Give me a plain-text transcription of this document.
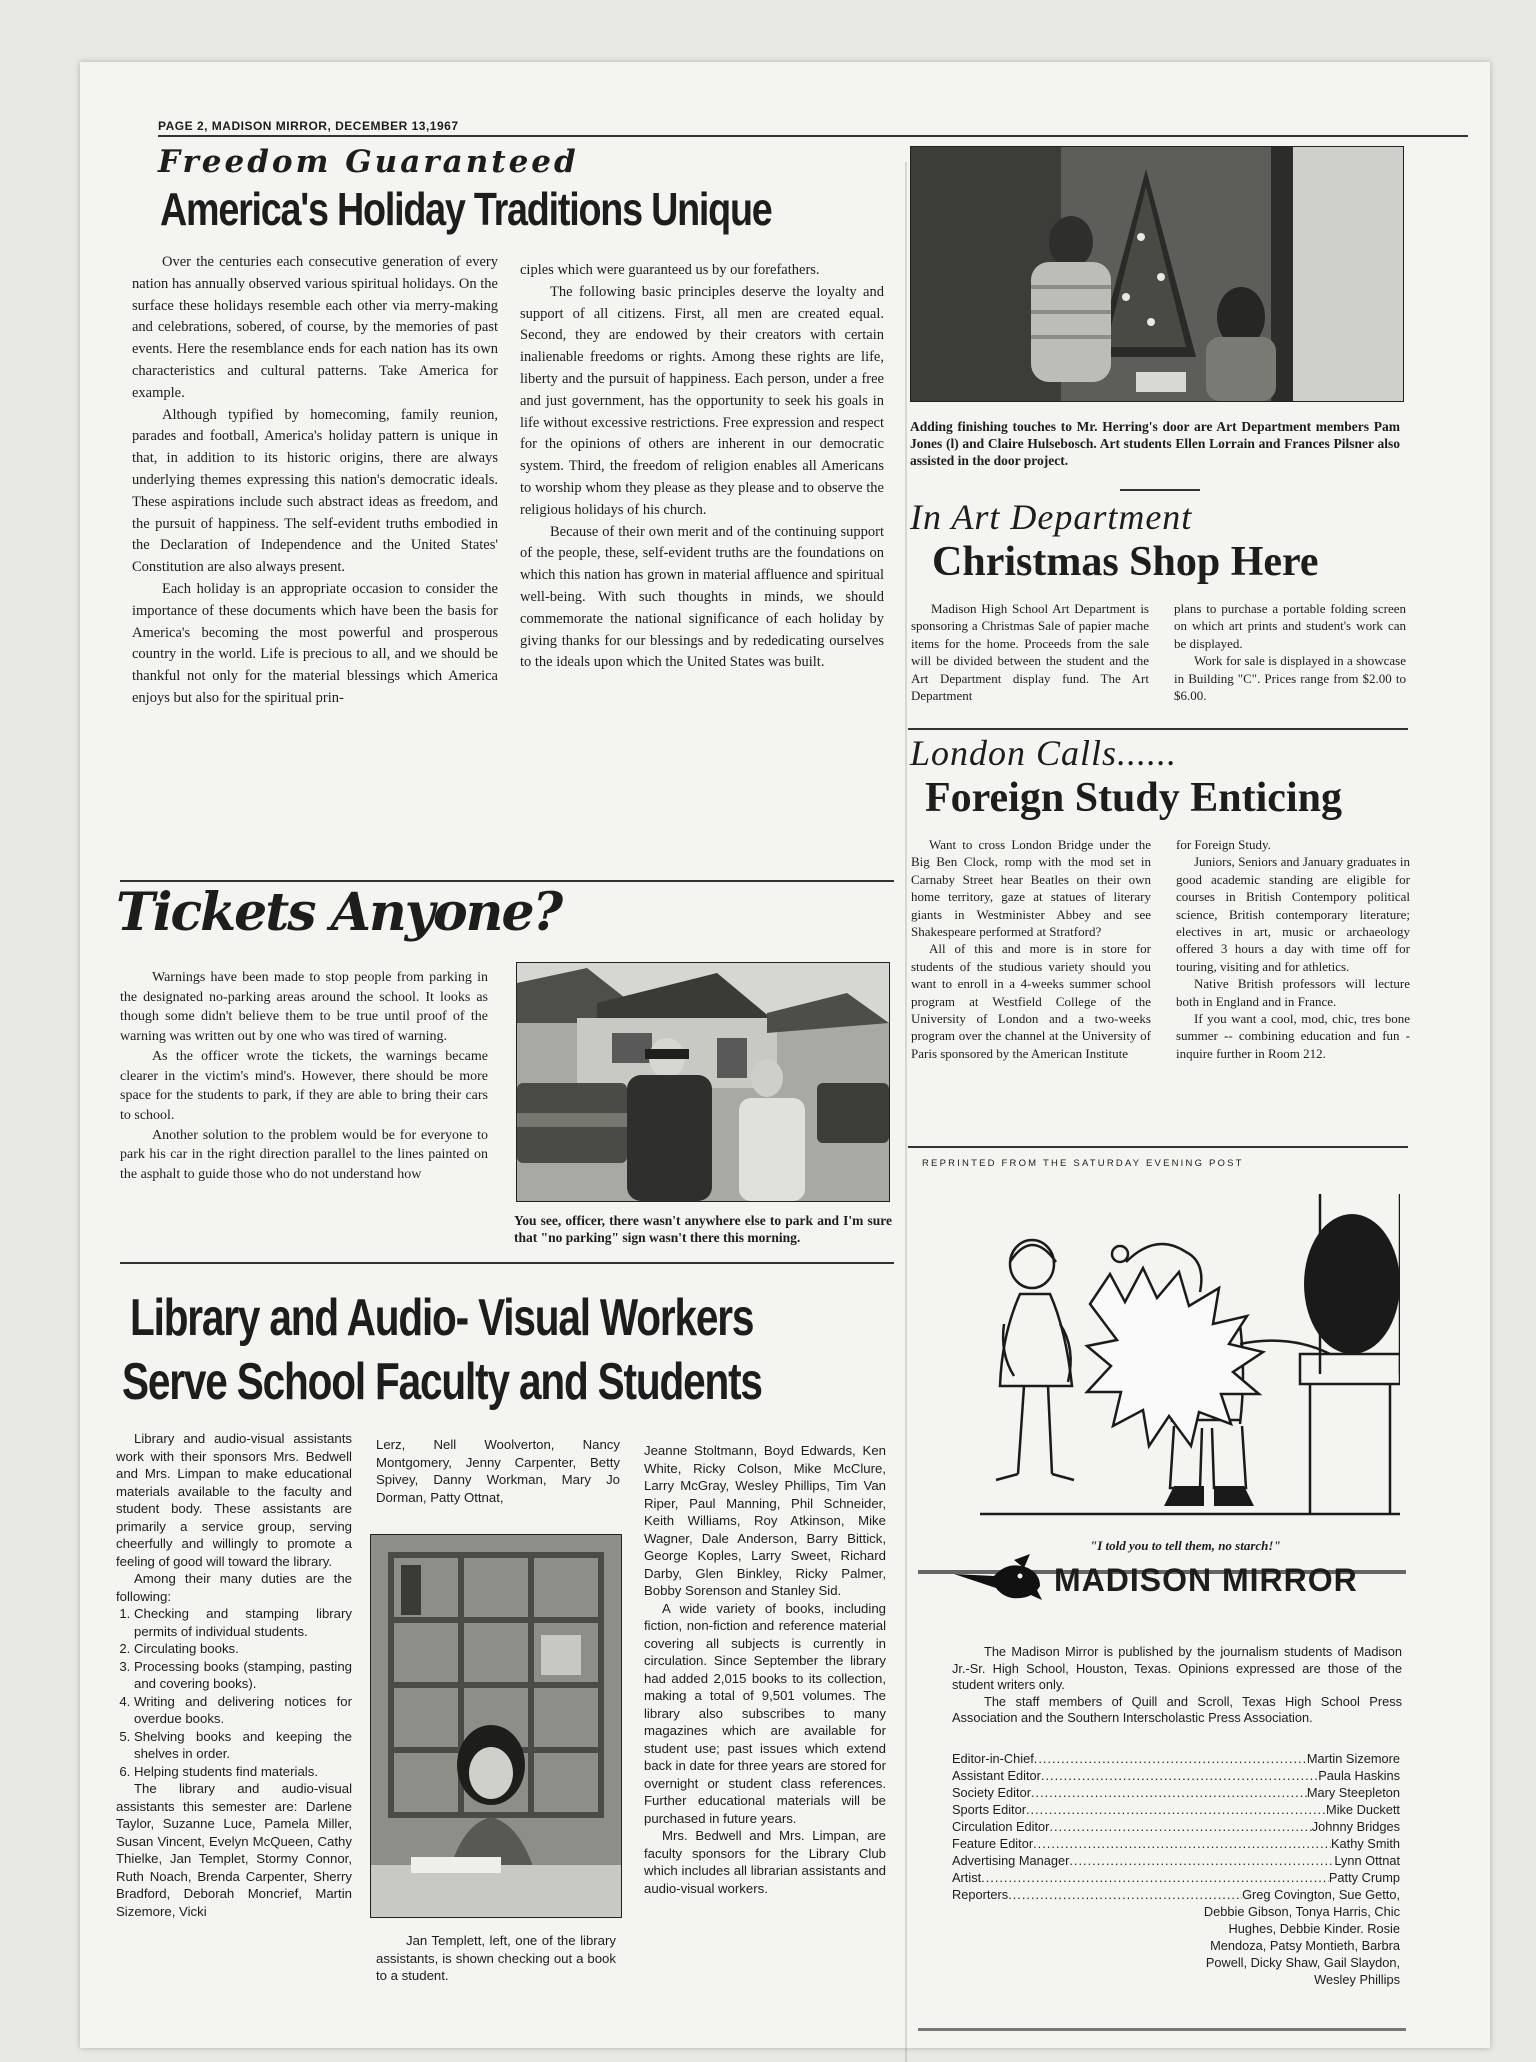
PAGE 2, MADISON MIRROR, DECEMBER 13,1967
Freedom Guaranteed
America's Holiday Traditions Unique

Over the centuries each consecutive generation of every nation has annually observed various spiritual holidays. On the surface these holidays resemble each other via merry-making and celebrations, sobered, of course, by the memories of past events. Here the resemblance ends for each nation has its own characteristics and cultural patterns. Take America for example.

Although typified by homecoming, family reunion, parades and football, America's holiday pattern is unique in that, in addition to its historic origins, there are always underlying themes expressing this nation's democratic ideals. These aspirations include such abstract ideas as freedom, and the pursuit of happiness. The self-evident truths embodied in the Declaration of Independence and the United States' Constitution are also always present.

Each holiday is an appropriate occasion to consider the importance of these documents which have been the basis for America's becoming the most powerful and prosperous country in the world. Life is precious to all, and we should be thankful not only for the material blessings which America enjoys but also for the spiritual prin-

ciples which were guaranteed us by our forefathers.

The following basic principles deserve the loyalty and support of all citizens. First, all men are created equal. Second, they are endowed by their creators with certain inalienable freedoms or rights. Among these rights are life, liberty and the pursuit of happiness. Each person, under a free and just government, has the opportunity to seek his goals in life without excessive restrictions. Free expression and respect for the opinions of others are inherent in our democratic system. Third, the freedom of religion enables all Americans to worship whom they please as they please and to observe the religious holidays of his church.

Because of their own merit and of the continuing support of the people, these, self-evident truths are the foundations on which this nation has grown in material affluence and spiritual well-being. With such thoughts in minds, we should commemorate the national significance of each holiday by giving thanks for our blessings and by rededicating ourselves to the ideals upon which the United States was built.

Adding finishing touches to Mr. Herring's door are Art Department members Pam Jones (l) and Claire Hulsebosch. Art students Ellen Lorrain and Frances Pilsner also assisted in the door project.
In Art Department
Christmas Shop Here

Madison High School Art Department is sponsoring a Christmas Sale of papier mache items for the home. Proceeds from the sale will be divided between the student and the Art Department display fund. The Art Department

plans to purchase a portable folding screen on which art prints and student's work can be displayed.

Work for sale is displayed in a showcase in Building "C". Prices range from $2.00 to $6.00.

London Calls......
Foreign Study Enticing

Want to cross London Bridge under the Big Ben Clock, romp with the mod set in Carnaby Street hear Beatles on their own home territory, gaze at statues of literary giants in Westminister Abbey and see Shakespeare performed at Stratford?

All of this and more is in store for students of the studious variety should you want to enroll in a 4-weeks summer school program at Westfield College of the University of London and a two-weeks program over the channel at the University of Paris sponsored by the American Institute

for Foreign Study.

Juniors, Seniors and January graduates in good academic standing are eligible for courses in British Contempory political science, British contemporary literature; electives in art, music or archaeology offered 3 hours a day with time off for touring, visiting and for athletics.

Native British professors will lecture both in England and in France.

If you want a cool, mod, chic, tres bone summer -- combining education and fun - inquire further in Room 212.

Tickets Anyone?

Warnings have been made to stop people from parking in the designated no-parking areas around the school. It looks as though some didn't believe them to be true until proof of the warning was written out by one who was tired of warning.

As the officer wrote the tickets, the warnings became clearer in the victim's mind's. However, there should be more space for the students to park, if they are able to bring their cars to school.

Another solution to the problem would be for everyone to park his car in the right direction parallel to the lines painted on the asphalt to guide those who do not understand how

You see, officer, there wasn't anywhere else to park and I'm sure that "no parking" sign wasn't there this morning.
REPRINTED FROM THE SATURDAY EVENING POST
"I told you to tell them, no starch!"
Library and Audio- Visual Workers
Serve School Faculty and Students

Library and audio-visual assistants work with their sponsors Mrs. Bedwell and Mrs. Limpan to make educational materials available to the faculty and student body. These assistants are primarily a service group, serving cheerfully and willingly to promote a feeling of good will toward the library.

Among their many duties are the following:

1. Checking and stamping library permits of individual students.
2. Circulating books.
3. Processing books (stamping, pasting and covering books).
4. Writing and delivering notices for overdue books.
5. Shelving books and keeping the shelves in order.
6. Helping students find materials.

The library and audio-visual assistants this semester are: Darlene Taylor, Suzanne Luce, Pamela Miller, Susan Vincent, Evelyn McQueen, Cathy Thielke, Jan Templet, Stormy Connor, Ruth Noach, Brenda Carpenter, Sherry Bradford, Deborah Moncrief, Martin Sizemore, Vicki

Lerz, Nell Woolverton, Nancy Montgomery, Jenny Carpenter, Betty Spivey, Danny Workman, Mary Jo Dorman, Patty Ottnat,

Jan Templett, left, one of the library assistants, is shown checking out a book to a student.

Jeanne Stoltmann, Boyd Edwards, Ken White, Ricky Colson, Mike McClure, Larry McGray, Wesley Phillips, Tim Van Riper, Paul Manning, Phil Schneider, Keith Williams, Roy Atkinson, Mike Wagner, Dale Anderson, Barry Bittick, George Koples, Larry Sweet, Richard Darby, Glen Binkley, Ricky Palmer, Bobby Sorenson and Stanley Sid.

A wide variety of books, including fiction, non-fiction and reference material covering all subjects is currently in circulation. Since September the library had added 2,015 books to its collection, making a total of 9,501 volumes. The library also subscribes to many magazines which are available for student use; past issues which extend back in date for three years are stored for overnight or student class references. Further educational materials will be purchased in future years.

Mrs. Bedwell and Mrs. Limpan, are faculty sponsors for the Library Club which includes all librarian assistants and audio-visual workers.

MADISON MIRROR

The Madison Mirror is published by the journalism students of Madison Jr.-Sr. High School, Houston, Texas. Opinions expressed are those of the student writers only.

The staff members of Quill and Scroll, Texas High School Press Association and the Southern Interscholastic Press Association.

Editor-in-Chief .....	Martin Sizemore
Assistant Editor .....	Paula Haskins
Society Editor .....	Mary Steepleton
Sports Editor .....	Mike Duckett
Circulation Editor .....	Johnny Bridges
Feature Editor .....	Kathy Smith
Advertising Manager .....	Lynn Ottnat
Artist .....	Patty Crump
Reporters .....	Greg Covington, Sue Getto,
Debbie Gibson, Tonya Harris, Chic Hughes, Debbie Kinder. Rosie Mendoza, Patsy Montieth, Barbra Powell, Dicky Shaw, Gail Slaydon, Wesley Phillips
